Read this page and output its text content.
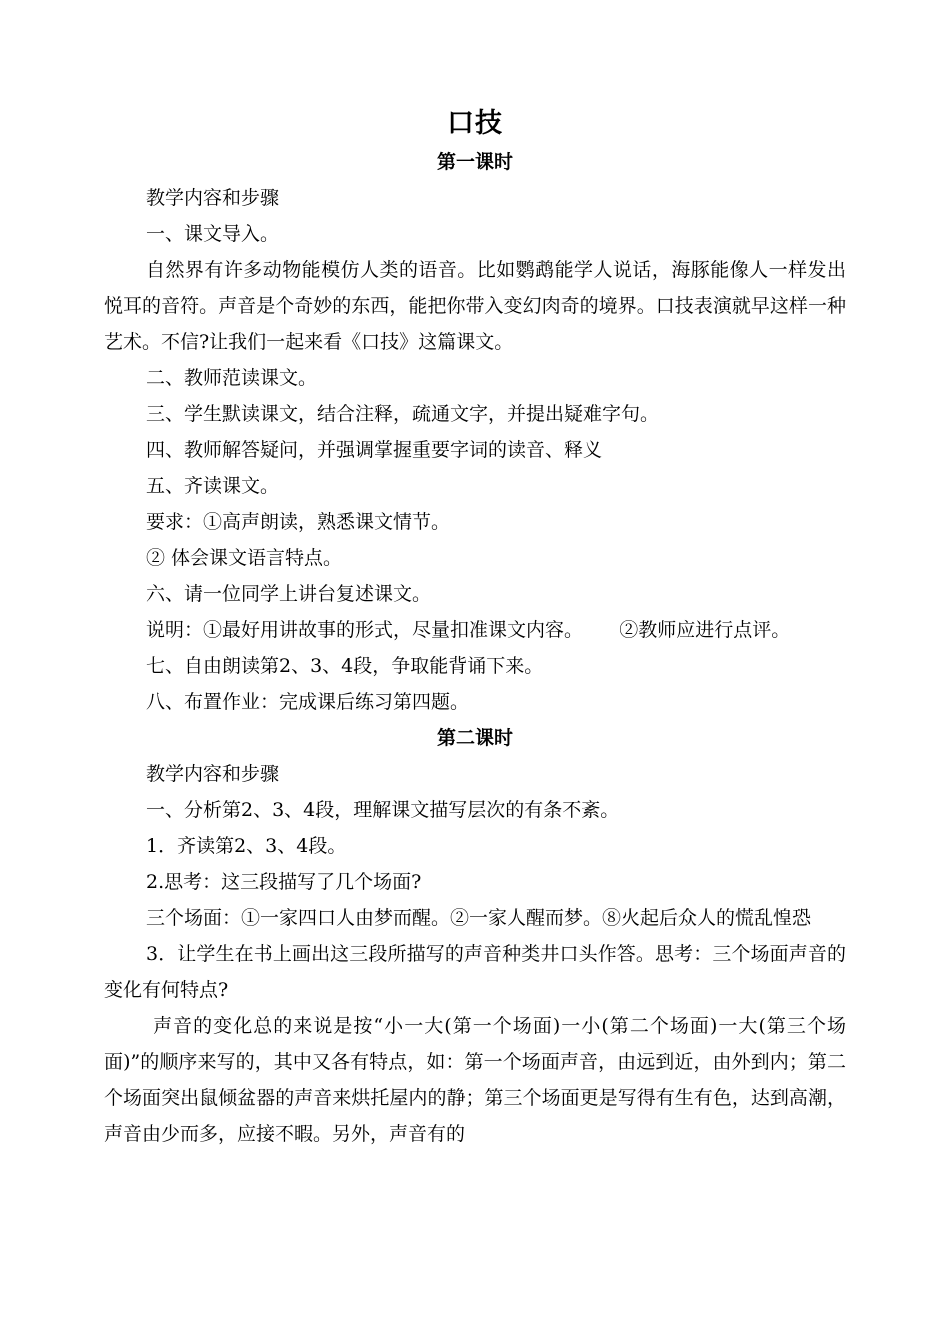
口技
第一课时

教学内容和步骤

一、课文导入。

自然界有许多动物能模仿人类的语音。比如鹦鹉能学人说话，海豚能像人一样发出悦耳的音符。声音是个奇妙的东西，能把你带入变幻肉奇的境界。口技表演就早这样一种艺术。不信?让我们一起来看《口技》这篇课文。

二、教师范读课文。

三、学生默读课文，结合注释，疏通文字，并提出疑难字句。

四、教师解答疑问，并强调掌握重要字词的读音、释义

五、齐读课文。

要求：①高声朗读，熟悉课文情节。

② 体会课文语言特点。

六、请一位同学上讲台复述课文。

说明：①最好用讲故事的形式，尽量扣准课文内容。      ②教师应进行点评。

七、自由朗读第2、3、4段，争取能背诵下来。

八、布置作业：完成课后练习第四题。

第二课时

教学内容和步骤

一、分析第2、3、4段，理解课文描写层次的有条不紊。

1．齐读第2、3、4段。

2.思考：这三段描写了几个场面?

三个场面：①一家四口人由梦而醒。②一家人醒而梦。⑧火起后众人的慌乱惶恐

3．让学生在书上画出这三段所描写的声音种类井口头作答。思考：三个场面声音的变化有何特点?

声音的变化总的来说是按“小一大(第一个场面)一小(第二个场面)一大(第三个场面)”的顺序来写的，其中又各有特点，如：第一个场面声音，由远到近，由外到内；第二个场面突出鼠倾盆器的声音来烘托屋内的静；第三个场面更是写得有生有色，达到高潮，声音由少而多，应接不暇。另外，声音有的
